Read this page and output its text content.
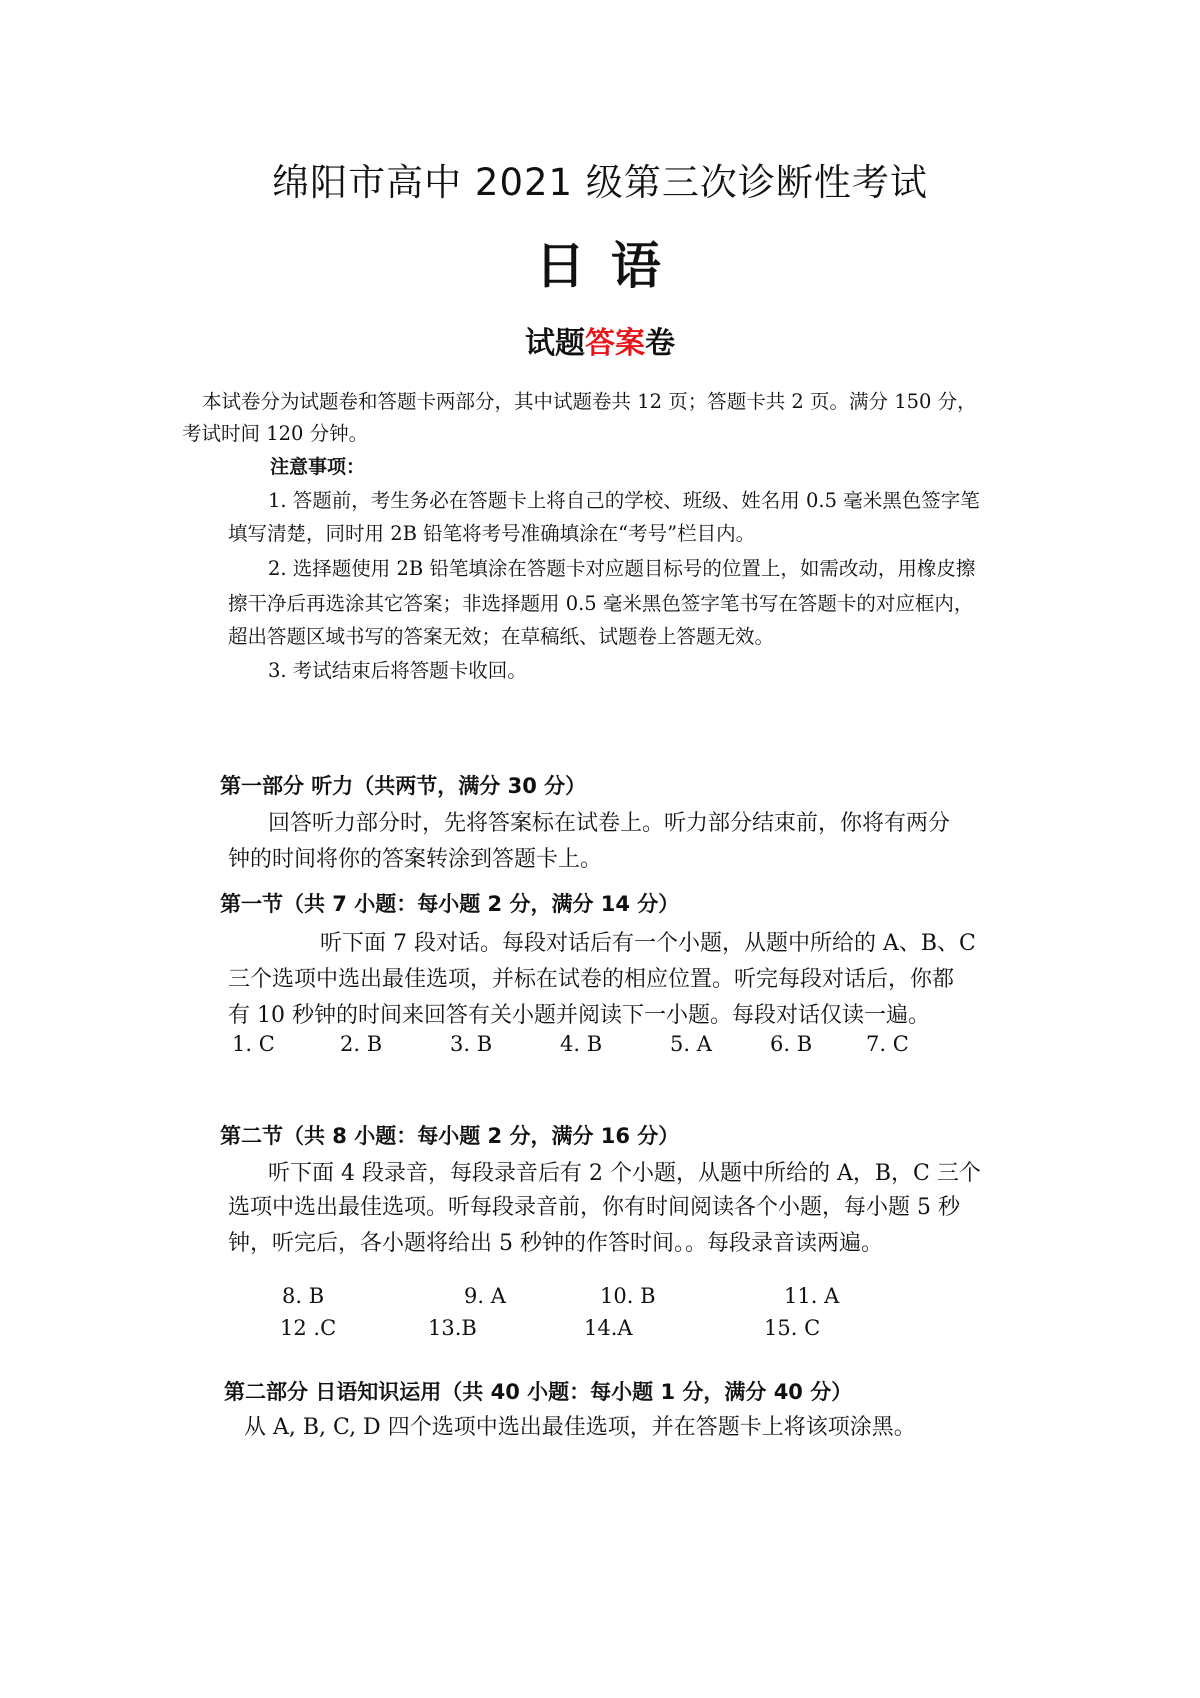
绵阳市高中 2021 级第三次诊断性考试
日 语
试题答案卷
本试卷分为试题卷和答题卡两部分，其中试题卷共 12 页；答题卡共 2 页。满分 150 分，
考试时间 120 分钟。
注意事项：
1. 答题前，考生务必在答题卡上将自己的学校、班级、姓名用 0.5 毫米黑色签字笔
填写清楚，同时用 2B 铅笔将考号准确填涂在“考号”栏目内。
2. 选择题使用 2B 铅笔填涂在答题卡对应题目标号的位置上，如需改动，用橡皮擦
擦干净后再选涂其它答案；非选择题用 0.5 毫米黑色签字笔书写在答题卡的对应框内，
超出答题区域书写的答案无效；在草稿纸、试题卷上答题无效。
3. 考试结束后将答题卡收回。
第一部分 听力（共两节，满分 30 分）
回答听力部分时，先将答案标在试卷上。听力部分结束前，你将有两分
钟的时间将你的答案转涂到答题卡上。
第一节（共 7 小题：每小题 2 分，满分 14 分）
听下面 7 段对话。每段对话后有一个小题，从题中所给的 A、B、C
三个选项中选出最佳选项，并标在试卷的相应位置。听完每段对话后，你都
有 10 秒钟的时间来回答有关小题并阅读下一小题。每段对话仅读一遍。
1. C	2. B	3. B	4. B	5. A	6. B	7. C
第二节（共 8 小题：每小题 2 分，满分 16 分）
听下面 4 段录音，每段录音后有 2 个小题，从题中所给的 A，B，C 三个
选项中选出最佳选项。听每段录音前，你有时间阅读各个小题，每小题 5 秒
钟，听完后，各小题将给出 5 秒钟的作答时间。。每段录音读两遍。
8. B	9. A	10. B	11. A
12 .C	13.B	14.A	15. C
第二部分 日语知识运用（共 40 小题：每小题 1 分，满分 40 分）
从 A, B, C, D 四个选项中选出最佳选项，并在答题卡上将该项涂黑。
